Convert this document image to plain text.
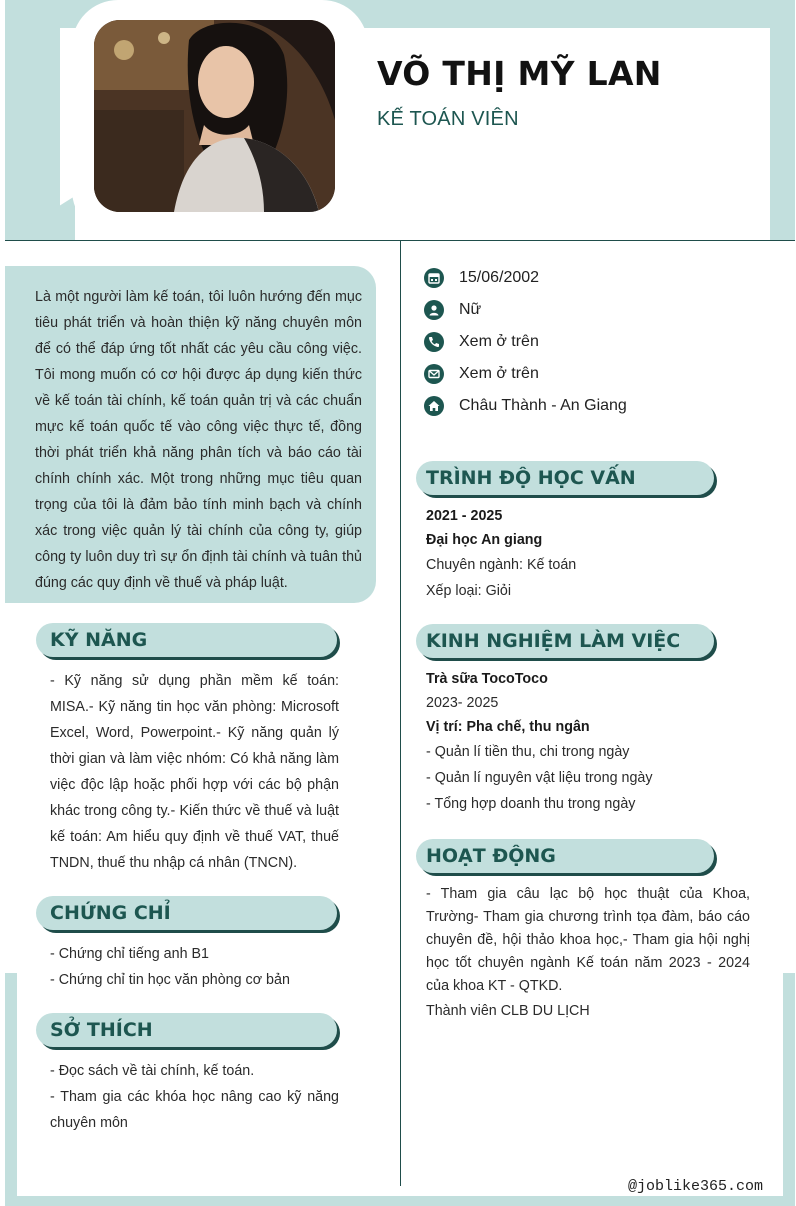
VÕ THỊ MỸ LAN
KẾ TOÁN VIÊN
Là một người làm kế toán, tôi luôn hướng đến mục tiêu phát triển và hoàn thiện kỹ năng chuyên môn để có thể đáp ứng tốt nhất các yêu cầu công việc. Tôi mong muốn có cơ hội được áp dụng kiến thức về kế toán tài chính, kế toán quản trị và các chuẩn mực kế toán quốc tế vào công việc thực tế, đồng thời phát triển khả năng phân tích và báo cáo tài chính chính xác. Một trong những mục tiêu quan trọng của tôi là đảm bảo tính minh bạch và chính xác trong việc quản lý tài chính của công ty, giúp công ty luôn duy trì sự ổn định tài chính và tuân thủ đúng các quy định về thuế và pháp luật.
KỸ NĂNG
- Kỹ năng sử dụng phần mềm kế toán: MISA.- Kỹ năng tin học văn phòng: Microsoft Excel, Word, Powerpoint.- Kỹ năng quản lý thời gian và làm việc nhóm: Có khả năng làm việc độc lập hoặc phối hợp với các bộ phận khác trong công ty.- Kiến thức về thuế và luật kế toán: Am hiểu quy định về thuế VAT, thuế TNDN, thuế thu nhập cá nhân (TNCN).
CHỨNG CHỈ
- Chứng chỉ tiếng anh B1
- Chứng chỉ tin học văn phòng cơ bản
SỞ THÍCH
- Đọc sách về tài chính, kế toán.
- Tham gia các khóa học nâng cao kỹ năng chuyên môn
15/06/2002
Nữ
Xem ở trên
Xem ở trên
Châu Thành - An Giang
TRÌNH ĐỘ HỌC VẤN
2021 - 2025
Đại học An giang
Chuyên ngành: Kế toán
Xếp loại: Giỏi
KINH NGHIỆM LÀM VIỆC
Trà sữa TocoToco
2023- 2025
Vị trí: Pha chế, thu ngân
- Quản lí tiền thu, chi trong ngày
- Quản lí nguyên vật liệu trong ngày
- Tổng hợp doanh thu trong ngày
HOẠT ĐỘNG
- Tham gia câu lạc bộ học thuật của Khoa, Trường- Tham gia chương trình tọa đàm, báo cáo chuyên đề, hội thảo khoa học,- Tham gia hội nghị học tốt chuyên ngành Kế toán năm 2023 - 2024 của khoa KT - QTKD.
Thành viên CLB DU LỊCH
@joblike365.com
